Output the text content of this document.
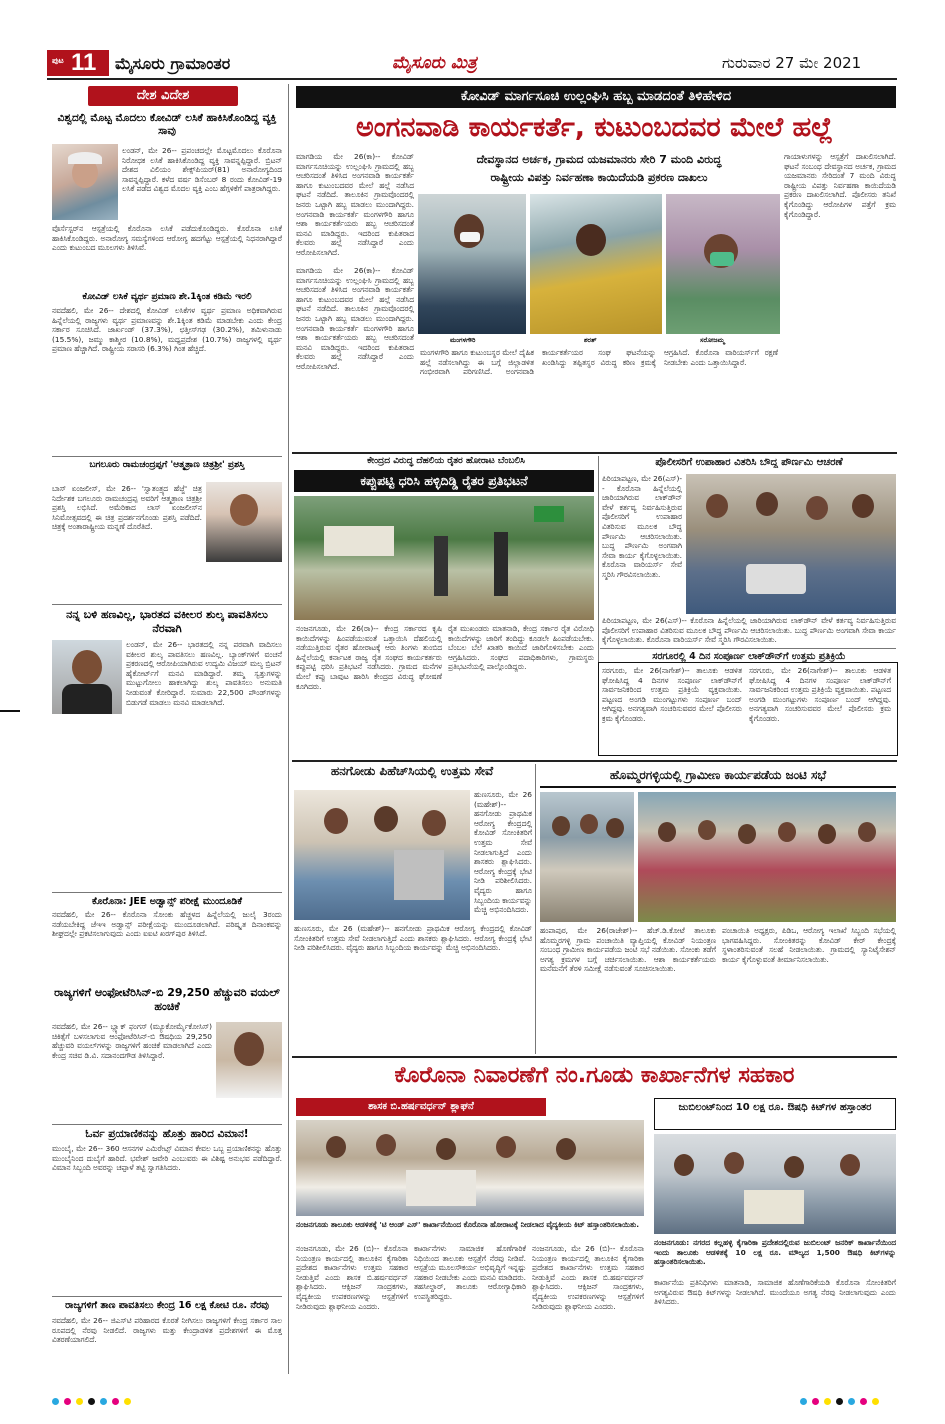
ಪುಟ 11 ಮೈಸೂರು ಗ್ರಾಮಾಂತರ	ಮೈಸೂರು ಮಿತ್ರ	ಗುರುವಾರ 27 ಮೇ 2021
ದೇಶ ವಿದೇಶ
ವಿಶ್ವದಲ್ಲಿ ಮೊಟ್ಟ ಮೊದಲು ಕೋವಿಡ್ ಲಸಿಕೆ ಹಾಕಿಸಿಕೊಂಡಿದ್ದ ವ್ಯಕ್ತಿ ಸಾವು
ಲಂಡನ್, ಮೇ 26-- ಪ್ರಪಂಚದಲ್ಲೇ ಮೊಟ್ಟಮೊದಲು ಕೊರೊನಾ ನಿರೋಧಕ ಲಸಿಕೆ ಹಾಕಿಸಿಕೊಂಡಿದ್ದ ವ್ಯಕ್ತಿ ಸಾವನ್ನಪ್ಪಿದ್ದಾರೆ. ಬ್ರಿಟನ್ ದೇಶದ ವಿಲಿಯಂ ಶೇಕ್ಸ್‌ಪಿಯರ್(81) ಅನಾರೋಗ್ಯದಿಂದ ಸಾವನ್ನಪ್ಪಿದ್ದಾರೆ. ಕಳೆದ ವರ್ಷ ಡಿಸೆಂಬರ್ 8 ರಂದು ಕೋವಿಡ್-19 ಲಸಿಕೆ ಪಡೆದ ವಿಶ್ವದ ಮೊದಲ ವ್ಯಕ್ತಿ ಎಂಬ ಹೆಗ್ಗಳಿಕೆಗೆ ಪಾತ್ರರಾಗಿದ್ದರು.
ವೊರ್ಸೆಸ್ಟರ್‌ನ ಆಸ್ಪತ್ರೆಯಲ್ಲಿ ಕೊರೊನಾ ಲಸಿಕೆ ಪಡೆದುಕೊಂಡಿದ್ದರು. ಕೊರೊನಾ ಲಸಿಕೆ ಹಾಕಿಸಿಕೊಂಡಿದ್ದರು. ಅನಾರೋಗ್ಯ ಸಮಸ್ಯೆಗಳಿಂದ ಆರೋಗ್ಯ ಹದಗೆಟ್ಟು ಆಸ್ಪತ್ರೆಯಲ್ಲಿ ನಿಧನರಾಗಿದ್ದಾರೆ ಎಂದು ಕುಟುಂಬದ ಮೂಲಗಳು ತಿಳಿಸಿವೆ.
ಕೋವಿಡ್ ಲಸಿಕೆ ವ್ಯರ್ಥ ಪ್ರಮಾಣ ಶೇ.1ಕ್ಕಿಂತ ಕಡಿಮೆ ಇರಲಿ
ನವದೆಹಲಿ, ಮೇ 26-- ದೇಶದಲ್ಲಿ ಕೋವಿಡ್ ಲಸಿಕೆಗಳ ವ್ಯರ್ಥ ಪ್ರಮಾಣ ಅಧಿಕವಾಗಿರುವ ಹಿನ್ನೆಲೆಯಲ್ಲಿ ರಾಜ್ಯಗಳು ವ್ಯರ್ಥ ಪ್ರಮಾಣವನ್ನು ಶೇ.1ಕ್ಕಿಂತ ಕಡಿಮೆ ಮಾಡಬೇಕು ಎಂದು ಕೇಂದ್ರ ಸರ್ಕಾರ ಸೂಚಿಸಿದೆ. ಜಾರ್ಖಂಡ್ (37.3%), ಛತ್ತೀಸ್‌ಗಢ (30.2%), ತಮಿಳುನಾಡು (15.5%), ಜಮ್ಮು ಕಾಶ್ಮೀರ (10.8%), ಮಧ್ಯಪ್ರದೇಶ (10.7%) ರಾಜ್ಯಗಳಲ್ಲಿ ವ್ಯರ್ಥ ಪ್ರಮಾಣ ಹೆಚ್ಚಾಗಿದೆ. ರಾಷ್ಟ್ರೀಯ ಸರಾಸರಿ (6.3%) ಗಿಂತ ಹೆಚ್ಚಿದೆ.
ಬಗಲೂರು ರಾಮಚಂದ್ರಪ್ಪಗೆ 'ಆತ್ಮತ್ರಾಣ ಚಿತ್ರಶ್ರೀ' ಪ್ರಶಸ್ತಿ
ಬಾಸ್ ಏಂಜಲೀಸ್, ಮೇ 26-- 'ಸ್ವಾತಂತ್ರ್ಯದ ಹೆಜ್ಜೆ' ಚಿತ್ರ ನಿರ್ದೇಶಕ ಬಗಲೂರು ರಾಮಚಂದ್ರಪ್ಪ ಅವರಿಗೆ ಆತ್ಮತ್ರಾಣ ಚಿತ್ರಶ್ರೀ ಪ್ರಶಸ್ತಿ ಲಭಿಸಿದೆ. ಅಮೆರಿಕಾದ ಲಾಸ್ ಏಂಜಲೀಸ್‌ನ ಸಿನಿಮೋತ್ಸವದಲ್ಲಿ ಈ ಚಿತ್ರ ಪ್ರದರ್ಶನಗೊಂಡು ಪ್ರಶಸ್ತಿ ಪಡೆದಿದೆ. ಚಿತ್ರಕ್ಕೆ ಅಂತಾರಾಷ್ಟ್ರೀಯ ಮನ್ನಣೆ ದೊರೆತಿದೆ.
ನನ್ನ ಬಳಿ ಹಣವಿಲ್ಲ, ಭಾರತದ ವಕೀಲರ ಶುಲ್ಕ ಪಾವತಿಸಲು ನೆರವಾಗಿ
ಲಂಡನ್, ಮೇ 26-- ಭಾರತದಲ್ಲಿ ನನ್ನ ಪರವಾಗಿ ವಾದಿಸಲು ವಕೀಲರ ಶುಲ್ಕ ಪಾವತಿಸಲು ಹಣವಿಲ್ಲ. ಬ್ಯಾಂಕ್‌ಗಳಿಗೆ ವಂಚನೆ ಪ್ರಕರಣದಲ್ಲಿ ಆರೋಪಿಯಾಗಿರುವ ಉದ್ಯಮಿ ವಿಜಯ್ ಮಲ್ಯ ಬ್ರಿಟನ್ ಹೈಕೋರ್ಟ್‌ಗೆ ಮನವಿ ಮಾಡಿದ್ದಾರೆ. ತಮ್ಮ ಸ್ವತ್ತುಗಳನ್ನು ಮುಟ್ಟುಗೋಲು ಹಾಕಲಾಗಿದ್ದು ಶುಲ್ಕ ಪಾವತಿಸಲು ಅನುಮತಿ ನೀಡುವಂತೆ ಕೋರಿದ್ದಾರೆ. ಸುಮಾರು 22,500 ಪೌಂಡ್‌ಗಳನ್ನು ಬಿಡುಗಡೆ ಮಾಡಲು ಮನವಿ ಮಾಡಲಾಗಿದೆ.
ಕೊರೊನಾ: JEE ಅಡ್ವಾನ್ಸ್ ಪರೀಕ್ಷೆ ಮುಂದೂಡಿಕೆ
ನವದೆಹಲಿ, ಮೇ 26-- ಕೊರೊನಾ ಸೋಂಕು ಹೆಚ್ಚಳದ ಹಿನ್ನೆಲೆಯಲ್ಲಿ ಜುಲೈ 3ರಂದು ನಡೆಯಬೇಕಿದ್ದ ಜೆಇಇ ಅಡ್ವಾನ್ಸ್ ಪರೀಕ್ಷೆಯನ್ನು ಮುಂದೂಡಲಾಗಿದೆ. ಪರಿಷ್ಕೃತ ದಿನಾಂಕವನ್ನು ಶೀಘ್ರದಲ್ಲೇ ಪ್ರಕಟಿಸಲಾಗುವುದು ಎಂದು ಐಐಟಿ ಖರಗ್‌ಪುರ ತಿಳಿಸಿದೆ.
ರಾಜ್ಯಗಳಿಗೆ ಆಂಫೋಟೆರಿಸಿನ್-ಬಿ 29,250 ಹೆಚ್ಚುವರಿ ವಯಲ್ ಹಂಚಿಕೆ
ನವದೆಹಲಿ, ಮೇ 26-- ಬ್ಲ್ಯಾಕ್ ಫಂಗಸ್ (ಮ್ಯೂಕೋರ್ಮೈಕೋಸಿಸ್) ಚಿಕಿತ್ಸೆಗೆ ಬಳಸಲಾಗುವ ಆಂಫೋಟೆರಿಸಿನ್-ಬಿ ಔಷಧಿಯ 29,250 ಹೆಚ್ಚುವರಿ ವಯಲ್‌ಗಳನ್ನು ರಾಜ್ಯಗಳಿಗೆ ಹಂಚಿಕೆ ಮಾಡಲಾಗಿದೆ ಎಂದು ಕೇಂದ್ರ ಸಚಿವ ಡಿ.ವಿ. ಸದಾನಂದಗೌಡ ತಿಳಿಸಿದ್ದಾರೆ.
ಓರ್ವ ಪ್ರಯಾಣಿಕನನ್ನು ಹೊತ್ತು ಹಾರಿದ ವಿಮಾನ!
ಮುಂಬೈ, ಮೇ 26-- 360 ಆಸನಗಳ ಎಮಿರೇಟ್ಸ್ ವಿಮಾನ ಕೇವಲ ಒಬ್ಬ ಪ್ರಯಾಣಿಕನನ್ನು ಹೊತ್ತು ಮುಂಬೈನಿಂದ ದುಬೈಗೆ ಹಾರಿದೆ. ಭವೇಶ್ ಜವೇರಿ ಎಂಬುವರು ಈ ವಿಶಿಷ್ಟ ಅನುಭವ ಪಡೆದಿದ್ದಾರೆ. ವಿಮಾನ ಸಿಬ್ಬಂದಿ ಅವರನ್ನು ಚಪ್ಪಾಳೆ ತಟ್ಟಿ ಸ್ವಾಗತಿಸಿದರು.
ರಾಜ್ಯಗಳಿಗೆ ತಾಣ ಪಾವತಿಸಲು ಕೇಂದ್ರ 16 ಲಕ್ಷ ಕೋಟಿ ರೂ. ನೆರವು
ನವದೆಹಲಿ, ಮೇ 26-- ಜಿಎಸ್‌ಟಿ ಪರಿಹಾರದ ಕೊರತೆ ನೀಗಿಸಲು ರಾಜ್ಯಗಳಿಗೆ ಕೇಂದ್ರ ಸರ್ಕಾರ ಸಾಲ ರೂಪದಲ್ಲಿ ನೆರವು ನೀಡಲಿದೆ. ರಾಜ್ಯಗಳು ಮತ್ತು ಕೇಂದ್ರಾಡಳಿತ ಪ್ರದೇಶಗಳಿಗೆ ಈ ಮೊತ್ತ ವಿತರಣೆಯಾಗಲಿದೆ.
ಕೋವಿಡ್ ಮಾರ್ಗಸೂಚಿ ಉಲ್ಲಂಘಿಸಿ ಹಬ್ಬ ಮಾಡದಂತೆ ತಿಳಿಹೇಳಿದ
ಅಂಗನವಾಡಿ ಕಾರ್ಯಕರ್ತೆ, ಕುಟುಂಬದವರ ಮೇಲೆ ಹಲ್ಲೆ
ಮಾಗಡಿಯ ಮೇ 26(ಕಾ)-- ಕೋವಿಡ್ ಮಾರ್ಗಸೂಚಿಯನ್ನು ಉಲ್ಲಂಘಿಸಿ ಗ್ರಾಮದಲ್ಲಿ ಹಬ್ಬ ಆಚರಿಸದಂತೆ ತಿಳಿಸಿದ ಅಂಗನವಾಡಿ ಕಾರ್ಯಕರ್ತೆ ಹಾಗೂ ಕುಟುಂಬದವರ ಮೇಲೆ ಹಲ್ಲೆ ನಡೆಸಿದ ಘಟನೆ ನಡೆದಿದೆ. ತಾಲೂಕಿನ ಗ್ರಾಮವೊಂದರಲ್ಲಿ ಜನರು ಒಟ್ಟಾಗಿ ಹಬ್ಬ ಮಾಡಲು ಮುಂದಾಗಿದ್ದರು. ಅಂಗನವಾಡಿ ಕಾರ್ಯಕರ್ತೆ ಮಂಗಳಗೌರಿ ಹಾಗೂ ಆಶಾ ಕಾರ್ಯಕರ್ತೆಯರು ಹಬ್ಬ ಆಚರಿಸದಂತೆ ಮನವಿ ಮಾಡಿದ್ದರು. ಇದರಿಂದ ಕುಪಿತರಾದ ಕೆಲವರು ಹಲ್ಲೆ ನಡೆಸಿದ್ದಾರೆ ಎಂದು ಆರೋಪಿಸಲಾಗಿದೆ.
ದೇವಸ್ಥಾನದ ಅರ್ಚಕ, ಗ್ರಾಮದ ಯಜಮಾನರು ಸೇರಿ 7 ಮಂದಿ ವಿರುದ್ಧ
ರಾಷ್ಟ್ರೀಯ ವಿಪತ್ತು ನಿರ್ವಹಣಾ ಕಾಯಿದೆಯಡಿ ಪ್ರಕರಣ ದಾಖಲು
ಗಾಯಾಳುಗಳನ್ನು ಆಸ್ಪತ್ರೆಗೆ ದಾಖಲಿಸಲಾಗಿದೆ. ಘಟನೆ ಸಂಬಂಧ ದೇವಸ್ಥಾನದ ಅರ್ಚಕ, ಗ್ರಾಮದ ಯಜಮಾನರು ಸೇರಿದಂತೆ 7 ಮಂದಿ ವಿರುದ್ಧ ರಾಷ್ಟ್ರೀಯ ವಿಪತ್ತು ನಿರ್ವಹಣಾ ಕಾಯಿದೆಯಡಿ ಪ್ರಕರಣ ದಾಖಲಿಸಲಾಗಿದೆ. ಪೊಲೀಸರು ತನಿಖೆ ಕೈಗೊಂಡಿದ್ದು ಆರೋಪಿಗಳ ಪತ್ತೆಗೆ ಕ್ರಮ ಕೈಗೊಂಡಿದ್ದಾರೆ.
ಮಂಗಳಗೌರಿ	ಶರತ್	ಸರೋಜಮ್ಮ
ಮಾಗಡಿಯ ಮೇ 26(ಕಾ)-- ಕೋವಿಡ್ ಮಾರ್ಗಸೂಚಿಯನ್ನು ಉಲ್ಲಂಘಿಸಿ ಗ್ರಾಮದಲ್ಲಿ ಹಬ್ಬ ಆಚರಿಸದಂತೆ ತಿಳಿಸಿದ ಅಂಗನವಾಡಿ ಕಾರ್ಯಕರ್ತೆ ಹಾಗೂ ಕುಟುಂಬದವರ ಮೇಲೆ ಹಲ್ಲೆ ನಡೆಸಿದ ಘಟನೆ ನಡೆದಿದೆ. ತಾಲೂಕಿನ ಗ್ರಾಮವೊಂದರಲ್ಲಿ ಜನರು ಒಟ್ಟಾಗಿ ಹಬ್ಬ ಮಾಡಲು ಮುಂದಾಗಿದ್ದರು. ಅಂಗನವಾಡಿ ಕಾರ್ಯಕರ್ತೆ ಮಂಗಳಗೌರಿ ಹಾಗೂ ಆಶಾ ಕಾರ್ಯಕರ್ತೆಯರು ಹಬ್ಬ ಆಚರಿಸದಂತೆ ಮನವಿ ಮಾಡಿದ್ದರು. ಇದರಿಂದ ಕುಪಿತರಾದ ಕೆಲವರು ಹಲ್ಲೆ ನಡೆಸಿದ್ದಾರೆ ಎಂದು ಆರೋಪಿಸಲಾಗಿದೆ.
ಮಂಗಳಗೌರಿ ಹಾಗೂ ಕುಟುಂಬಸ್ಥರ ಮೇಲೆ ದೈಹಿಕ ಹಲ್ಲೆ ನಡೆಸಲಾಗಿದ್ದು ಈ ಬಗ್ಗೆ ಜಿಲ್ಲಾಡಳಿತ ಗಂಭೀರವಾಗಿ ಪರಿಗಣಿಸಿದೆ. ಅಂಗನವಾಡಿ ಕಾರ್ಯಕರ್ತೆಯರ ಸಂಘ ಘಟನೆಯನ್ನು ಖಂಡಿಸಿದ್ದು ತಪ್ಪಿತಸ್ಥರ ವಿರುದ್ಧ ಕಠಿಣ ಕ್ರಮಕ್ಕೆ ಆಗ್ರಹಿಸಿದೆ. ಕೊರೊನಾ ವಾರಿಯರ್ಸ್‌ಗೆ ರಕ್ಷಣೆ ನೀಡಬೇಕು ಎಂದು ಒತ್ತಾಯಿಸಿದ್ದಾರೆ.
ಕೇಂದ್ರದ ವಿರುದ್ಧ ದೆಹಲಿಯ ರೈತರ ಹೋರಾಟ ಬೆಂಬಲಿಸಿ
ಕಪ್ಪುಪಟ್ಟಿ ಧರಿಸಿ ಹಳ್ಳಿದಿಡ್ಡಿ ರೈತರ ಪ್ರತಿಭಟನೆ
ನಂಜನಗೂಡು, ಮೇ 26(ರಾ)-- ಕೇಂದ್ರ ಸರ್ಕಾರದ ಕೃಷಿ ಕಾಯಿದೆಗಳನ್ನು ಹಿಂಪಡೆಯುವಂತೆ ಒತ್ತಾಯಿಸಿ ದೆಹಲಿಯಲ್ಲಿ ನಡೆಯುತ್ತಿರುವ ರೈತರ ಹೋರಾಟಕ್ಕೆ ಆರು ತಿಂಗಳು ತುಂಬಿದ ಹಿನ್ನೆಲೆಯಲ್ಲಿ ಕರ್ನಾಟಕ ರಾಜ್ಯ ರೈತ ಸಂಘದ ಕಾರ್ಯಕರ್ತರು ಕಪ್ಪುಪಟ್ಟಿ ಧರಿಸಿ ಪ್ರತಿಭಟನೆ ನಡೆಸಿದರು. ಗ್ರಾಮದ ಮನೆಗಳ ಮೇಲೆ ಕಪ್ಪು ಬಾವುಟ ಹಾರಿಸಿ ಕೇಂದ್ರದ ವಿರುದ್ಧ ಘೋಷಣೆ ಕೂಗಿದರು.
ರೈತ ಮುಖಂಡರು ಮಾತನಾಡಿ, ಕೇಂದ್ರ ಸರ್ಕಾರ ರೈತ ವಿರೋಧಿ ಕಾಯಿದೆಗಳನ್ನು ಜಾರಿಗೆ ತಂದಿದ್ದು ಕೂಡಲೇ ಹಿಂಪಡೆಯಬೇಕು. ಬೆಂಬಲ ಬೆಲೆ ಖಾತರಿ ಕಾಯಿದೆ ಜಾರಿಗೊಳಿಸಬೇಕು ಎಂದು ಆಗ್ರಹಿಸಿದರು. ಸಂಘದ ಪದಾಧಿಕಾರಿಗಳು, ಗ್ರಾಮಸ್ಥರು ಪ್ರತಿಭಟನೆಯಲ್ಲಿ ಪಾಲ್ಗೊಂಡಿದ್ದರು.
ಪೊಲೀಸರಿಗೆ ಉಪಾಹಾರ ವಿತರಿಸಿ ಬೌದ್ಧ ಪೌರ್ಣಮಿ ಆಚರಣೆ
ಪಿರಿಯಾಪಟ್ಟಣ, ಮೇ 26(ಎಸ್)-- ಕೊರೊನಾ ಹಿನ್ನೆಲೆಯಲ್ಲಿ ಜಾರಿಯಾಗಿರುವ ಲಾಕ್‌ಡೌನ್ ವೇಳೆ ಕರ್ತವ್ಯ ನಿರ್ವಹಿಸುತ್ತಿರುವ ಪೊಲೀಸರಿಗೆ ಉಪಾಹಾರ ವಿತರಿಸುವ ಮೂಲಕ ಬೌದ್ಧ ಪೌರ್ಣಮಿ ಆಚರಿಸಲಾಯಿತು. ಬುದ್ಧ ಪೌರ್ಣಮಿ ಅಂಗವಾಗಿ ಸೇವಾ ಕಾರ್ಯ ಕೈಗೊಳ್ಳಲಾಯಿತು. ಕೊರೊನಾ ವಾರಿಯರ್ಸ್ ಸೇವೆ ಸ್ಮರಿಸಿ ಗೌರವಿಸಲಾಯಿತು.
ಪಿರಿಯಾಪಟ್ಟಣ, ಮೇ 26(ಎಸ್)-- ಕೊರೊನಾ ಹಿನ್ನೆಲೆಯಲ್ಲಿ ಜಾರಿಯಾಗಿರುವ ಲಾಕ್‌ಡೌನ್ ವೇಳೆ ಕರ್ತವ್ಯ ನಿರ್ವಹಿಸುತ್ತಿರುವ ಪೊಲೀಸರಿಗೆ ಉಪಾಹಾರ ವಿತರಿಸುವ ಮೂಲಕ ಬೌದ್ಧ ಪೌರ್ಣಮಿ ಆಚರಿಸಲಾಯಿತು. ಬುದ್ಧ ಪೌರ್ಣಮಿ ಅಂಗವಾಗಿ ಸೇವಾ ಕಾರ್ಯ ಕೈಗೊಳ್ಳಲಾಯಿತು. ಕೊರೊನಾ ವಾರಿಯರ್ಸ್ ಸೇವೆ ಸ್ಮರಿಸಿ ಗೌರವಿಸಲಾಯಿತು.
ಸರಗೂರಲ್ಲಿ 4 ದಿನ ಸಂಪೂರ್ಣ ಲಾಕ್‌ಡೌನ್‌ಗೆ ಉತ್ತಮ ಪ್ರತಿಕ್ರಿಯೆ
ಸರಗೂರು, ಮೇ 26(ನಾಗೇಶ್)-- ತಾಲೂಕು ಆಡಳಿತ ಘೋಷಿಸಿದ್ದ 4 ದಿನಗಳ ಸಂಪೂರ್ಣ ಲಾಕ್‌ಡೌನ್‌ಗೆ ಸಾರ್ವಜನಿಕರಿಂದ ಉತ್ತಮ ಪ್ರತಿಕ್ರಿಯೆ ವ್ಯಕ್ತವಾಯಿತು. ಪಟ್ಟಣದ ಅಂಗಡಿ ಮುಂಗಟ್ಟುಗಳು ಸಂಪೂರ್ಣ ಬಂದ್ ಆಗಿದ್ದವು. ಅನಗತ್ಯವಾಗಿ ಸಂಚರಿಸುವವರ ಮೇಲೆ ಪೊಲೀಸರು ಕ್ರಮ ಕೈಗೊಂಡರು.
ಸರಗೂರು, ಮೇ 26(ನಾಗೇಶ್)-- ತಾಲೂಕು ಆಡಳಿತ ಘೋಷಿಸಿದ್ದ 4 ದಿನಗಳ ಸಂಪೂರ್ಣ ಲಾಕ್‌ಡೌನ್‌ಗೆ ಸಾರ್ವಜನಿಕರಿಂದ ಉತ್ತಮ ಪ್ರತಿಕ್ರಿಯೆ ವ್ಯಕ್ತವಾಯಿತು. ಪಟ್ಟಣದ ಅಂಗಡಿ ಮುಂಗಟ್ಟುಗಳು ಸಂಪೂರ್ಣ ಬಂದ್ ಆಗಿದ್ದವು. ಅನಗತ್ಯವಾಗಿ ಸಂಚರಿಸುವವರ ಮೇಲೆ ಪೊಲೀಸರು ಕ್ರಮ ಕೈಗೊಂಡರು.
ಹನಗೋಡು ಪಿಹೆಚ್‌ಸಿಯಲ್ಲಿ ಉತ್ತಮ ಸೇವೆ
ಹುಣಸೂರು, ಮೇ 26 (ಮಹೇಶ್)-- ಹನಗೋಡು ಪ್ರಾಥಮಿಕ ಆರೋಗ್ಯ ಕೇಂದ್ರದಲ್ಲಿ ಕೋವಿಡ್ ಸೋಂಕಿತರಿಗೆ ಉತ್ತಮ ಸೇವೆ ನೀಡಲಾಗುತ್ತಿದೆ ಎಂದು ಶಾಸಕರು ಶ್ಲಾಘಿಸಿದರು. ಆರೋಗ್ಯ ಕೇಂದ್ರಕ್ಕೆ ಭೇಟಿ ನೀಡಿ ಪರಿಶೀಲಿಸಿದರು. ವೈದ್ಯರು ಹಾಗೂ ಸಿಬ್ಬಂದಿಯ ಕಾರ್ಯವನ್ನು ಮೆಚ್ಚಿ ಅಭಿನಂದಿಸಿದರು.
ಹುಣಸೂರು, ಮೇ 26 (ಮಹೇಶ್)-- ಹನಗೋಡು ಪ್ರಾಥಮಿಕ ಆರೋಗ್ಯ ಕೇಂದ್ರದಲ್ಲಿ ಕೋವಿಡ್ ಸೋಂಕಿತರಿಗೆ ಉತ್ತಮ ಸೇವೆ ನೀಡಲಾಗುತ್ತಿದೆ ಎಂದು ಶಾಸಕರು ಶ್ಲಾಘಿಸಿದರು. ಆರೋಗ್ಯ ಕೇಂದ್ರಕ್ಕೆ ಭೇಟಿ ನೀಡಿ ಪರಿಶೀಲಿಸಿದರು. ವೈದ್ಯರು ಹಾಗೂ ಸಿಬ್ಬಂದಿಯ ಕಾರ್ಯವನ್ನು ಮೆಚ್ಚಿ ಅಭಿನಂದಿಸಿದರು.
ಹೊಮ್ಮರಗಳ್ಳಿಯಲ್ಲಿ ಗ್ರಾಮೀಣ ಕಾರ್ಯಪಡೆಯ ಜಂಟಿ ಸಭೆ
ಹಂಪಾಪುರ, ಮೇ 26(ರಾಜೇಶ್)-- ಹೆಚ್.ಡಿ.ಕೋಟೆ ತಾಲೂಕು ಹೊಮ್ಮರಗಳ್ಳಿ ಗ್ರಾಮ ಪಂಚಾಯಿತಿ ವ್ಯಾಪ್ತಿಯಲ್ಲಿ ಕೋವಿಡ್ ನಿಯಂತ್ರಣ ಸಂಬಂಧ ಗ್ರಾಮೀಣ ಕಾರ್ಯಪಡೆಯ ಜಂಟಿ ಸಭೆ ನಡೆಯಿತು. ಸೋಂಕು ತಡೆಗೆ ಅಗತ್ಯ ಕ್ರಮಗಳ ಬಗ್ಗೆ ಚರ್ಚಿಸಲಾಯಿತು. ಆಶಾ ಕಾರ್ಯಕರ್ತೆಯರು ಮನೆಮನೆಗೆ ತೆರಳಿ ಸಮೀಕ್ಷೆ ನಡೆಸುವಂತೆ ಸೂಚಿಸಲಾಯಿತು.
ಪಂಚಾಯಿತಿ ಅಧ್ಯಕ್ಷರು, ಪಿಡಿಒ, ಆರೋಗ್ಯ ಇಲಾಖೆ ಸಿಬ್ಬಂದಿ ಸಭೆಯಲ್ಲಿ ಭಾಗವಹಿಸಿದ್ದರು. ಸೋಂಕಿತರನ್ನು ಕೋವಿಡ್ ಕೇರ್ ಕೇಂದ್ರಕ್ಕೆ ಸ್ಥಳಾಂತರಿಸುವಂತೆ ಸಲಹೆ ನೀಡಲಾಯಿತು. ಗ್ರಾಮದಲ್ಲಿ ಸ್ಯಾನಿಟೈಸೇಶನ್ ಕಾರ್ಯ ಕೈಗೊಳ್ಳುವಂತೆ ತೀರ್ಮಾನಿಸಲಾಯಿತು.
ಕೊರೊನಾ ನಿವಾರಣೆಗೆ ನಂ.ಗೂಡು ಕಾರ್ಖಾನೆಗಳ ಸಹಕಾರ
ಶಾಸಕ ಬಿ.ಹರ್ಷವರ್ಧನ್ ಶ್ಲಾಘನೆ
ನಂಜನಗೂಡು ತಾಲೂಕು ಆಡಳಿತಕ್ಕೆ 'ಟಿ ಆಂಡ್ ಎಸ್' ಕಾರ್ಖಾನೆಯಿಂದ ಕೊರೊನಾ ಹೋರಾಟಕ್ಕೆ ನೀಡಲಾದ ವೈದ್ಯಕೀಯ ಕಿಟ್ ಹಸ್ತಾಂತರಿಸಲಾಯಿತು.
ನಂಜನಗೂಡು, ಮೇ 26 (ಬಿ)-- ಕೊರೊನಾ ನಿಯಂತ್ರಣ ಕಾರ್ಯದಲ್ಲಿ ತಾಲೂಕಿನ ಕೈಗಾರಿಕಾ ಪ್ರದೇಶದ ಕಾರ್ಖಾನೆಗಳು ಉತ್ತಮ ಸಹಕಾರ ನೀಡುತ್ತಿವೆ ಎಂದು ಶಾಸಕ ಬಿ.ಹರ್ಷವರ್ಧನ್ ಶ್ಲಾಘಿಸಿದರು. ಆಕ್ಸಿಜನ್ ಸಾಂದ್ರಕಗಳು, ವೈದ್ಯಕೀಯ ಉಪಕರಣಗಳನ್ನು ಆಸ್ಪತ್ರೆಗಳಿಗೆ ನೀಡಿರುವುದು ಶ್ಲಾಘನೀಯ ಎಂದರು.
ಕಾರ್ಖಾನೆಗಳು ಸಾಮಾಜಿಕ ಹೊಣೆಗಾರಿಕೆ ನಿಧಿಯಿಂದ ತಾಲೂಕು ಆಸ್ಪತ್ರೆಗೆ ನೆರವು ನೀಡಿವೆ. ಆಸ್ಪತ್ರೆಯ ಮೂಲಸೌಕರ್ಯ ಅಭಿವೃದ್ಧಿಗೆ ಇನ್ನಷ್ಟು ಸಹಕಾರ ನೀಡಬೇಕು ಎಂದು ಮನವಿ ಮಾಡಿದರು. ತಹಸೀಲ್ದಾರ್, ತಾಲೂಕು ಆರೋಗ್ಯಾಧಿಕಾರಿ ಉಪಸ್ಥಿತರಿದ್ದರು.
ನಂಜನಗೂಡು, ಮೇ 26 (ಬಿ)-- ಕೊರೊನಾ ನಿಯಂತ್ರಣ ಕಾರ್ಯದಲ್ಲಿ ತಾಲೂಕಿನ ಕೈಗಾರಿಕಾ ಪ್ರದೇಶದ ಕಾರ್ಖಾನೆಗಳು ಉತ್ತಮ ಸಹಕಾರ ನೀಡುತ್ತಿವೆ ಎಂದು ಶಾಸಕ ಬಿ.ಹರ್ಷವರ್ಧನ್ ಶ್ಲಾಘಿಸಿದರು. ಆಕ್ಸಿಜನ್ ಸಾಂದ್ರಕಗಳು, ವೈದ್ಯಕೀಯ ಉಪಕರಣಗಳನ್ನು ಆಸ್ಪತ್ರೆಗಳಿಗೆ ನೀಡಿರುವುದು ಶ್ಲಾಘನೀಯ ಎಂದರು.
ಜುಬಿಲಂಟ್‌ನಿಂದ 10 ಲಕ್ಷ ರೂ. ಔಷಧಿ ಕಿಟ್‌ಗಳ ಹಸ್ತಾಂತರ
ನಂಜನಗೂಡು: ನಗರದ ಕಲ್ಲಹಳ್ಳಿ ಕೈಗಾರಿಕಾ ಪ್ರದೇಶದಲ್ಲಿರುವ ಜುಬಿಲಂಟ್ ಜನರಿಕ್ ಕಾರ್ಖಾನೆಯಿಂದ ಇಂದು ತಾಲೂಕು ಆಡಳಿತಕ್ಕೆ 10 ಲಕ್ಷ ರೂ. ಮೌಲ್ಯದ 1,500 ಔಷಧಿ ಕಿಟ್‌ಗಳನ್ನು ಹಸ್ತಾಂತರಿಸಲಾಯಿತು.
ಕಾರ್ಖಾನೆಯ ಪ್ರತಿನಿಧಿಗಳು ಮಾತನಾಡಿ, ಸಾಮಾಜಿಕ ಹೊಣೆಗಾರಿಕೆಯಡಿ ಕೊರೊನಾ ಸೋಂಕಿತರಿಗೆ ಅಗತ್ಯವಿರುವ ಔಷಧಿ ಕಿಟ್‌ಗಳನ್ನು ನೀಡಲಾಗಿದೆ. ಮುಂದೆಯೂ ಅಗತ್ಯ ನೆರವು ನೀಡಲಾಗುವುದು ಎಂದು ತಿಳಿಸಿದರು.
